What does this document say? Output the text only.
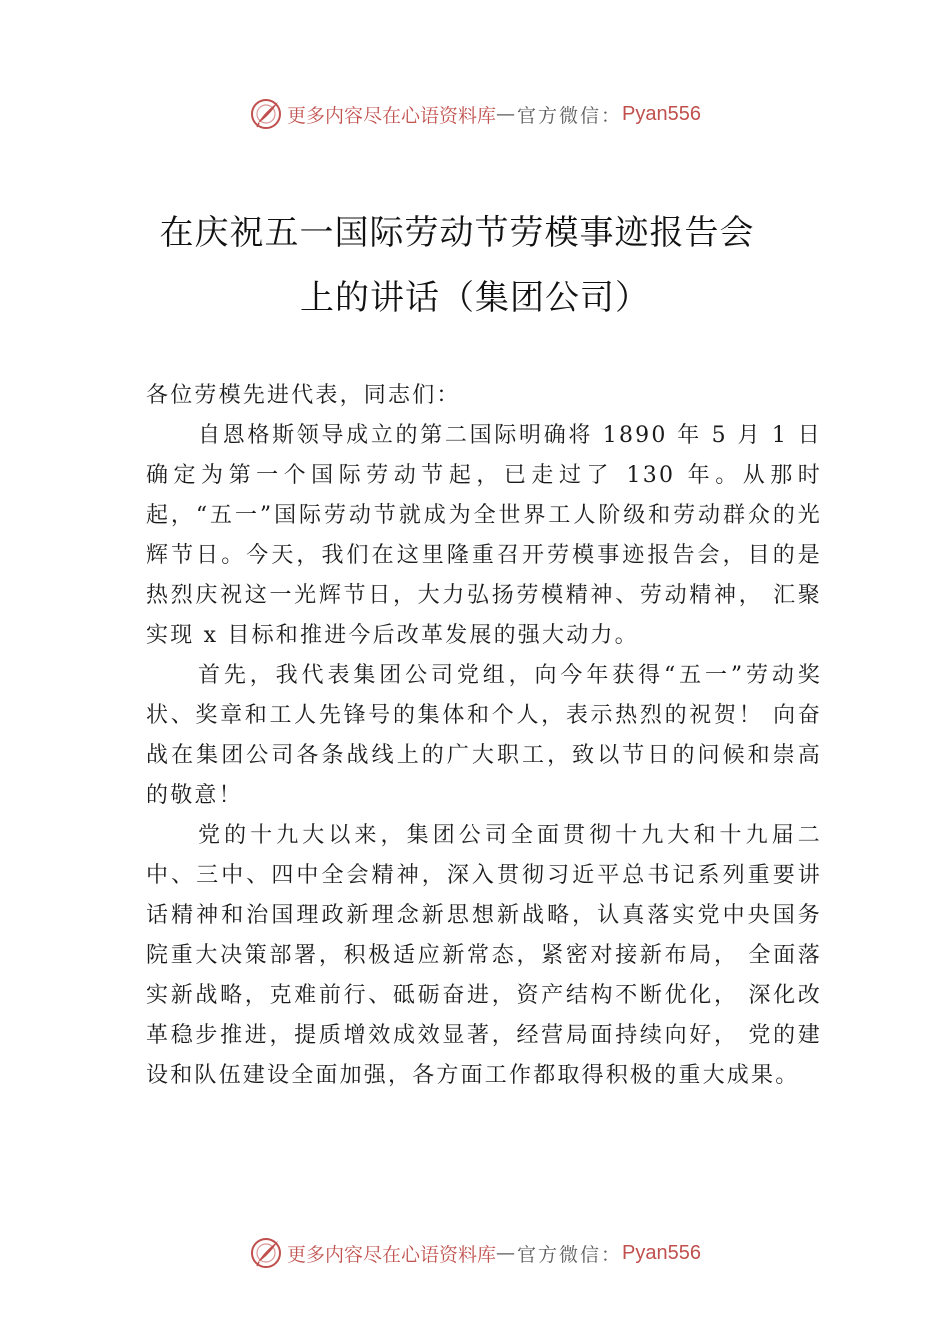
更多内容尽在心语资料库 — 官方微信： Pyan556
在庆祝五一国际劳动节劳模事迹报告会
上的讲话（集团公司）

各位劳模先进代表，同志们：

自恩格斯领导成立的第二国际明确将 1890 年 5 月 1 日确定为第一个国际劳动节起，已走过了 130 年。从那时起，“五一”国际劳动节就成为全世界工人阶级和劳动群众的光辉节日。今天，我们在这里隆重召开劳模事迹报告会，目的是热烈庆祝这一光辉节日，大力弘扬劳模精神、劳动精神， 汇聚实现 x 目标和推进今后改革发展的强大动力。

首先，我代表集团公司党组，向今年获得“五一”劳动奖状、奖章和工人先锋号的集体和个人，表示热烈的祝贺！ 向奋战在集团公司各条战线上的广大职工，致以节日的问候和崇高的敬意！

党的十九大以来，集团公司全面贯彻十九大和十九届二中、三中、四中全会精神，深入贯彻习近平总书记系列重要讲话精神和治国理政新理念新思想新战略，认真落实党中央国务院重大决策部署，积极适应新常态，紧密对接新布局， 全面落实新战略，克难前行、砥砺奋进，资产结构不断优化， 深化改革稳步推进，提质增效成效显著，经营局面持续向好， 党的建设和队伍建设全面加强，各方面工作都取得积极的重大成果。

更多内容尽在心语资料库 — 官方微信： Pyan556
